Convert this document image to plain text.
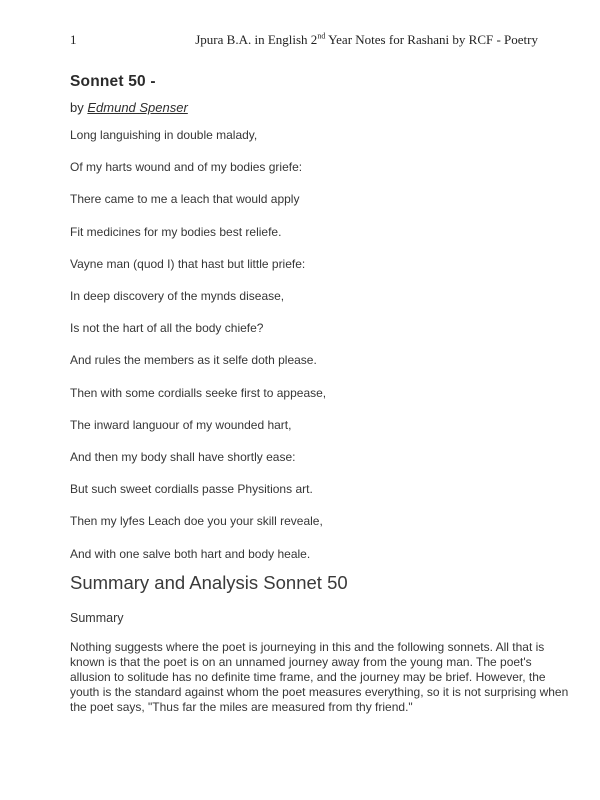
1	Jpura B.A. in English 2nd Year Notes for Rashani by RCF - Poetry
Sonnet 50 -
by Edmund Spenser
Long languishing in double malady,
Of my harts wound and of my bodies griefe:
There came to me a leach that would apply
Fit medicines for my bodies best reliefe.
Vayne man (quod I) that hast but little priefe:
In deep discovery of the mynds disease,
Is not the hart of all the body chiefe?
And rules the members as it selfe doth please.
Then with some cordialls seeke first to appease,
The inward languour of my wounded hart,
And then my body shall have shortly ease:
But such sweet cordialls passe Physitions art.
Then my lyfes Leach doe you your skill reveale,
And with one salve both hart and body heale.
Summary and Analysis Sonnet 50
Summary
Nothing suggests where the poet is journeying in this and the following sonnets. All that is
known is that the poet is on an unnamed journey away from the young man. The poet's
allusion to solitude has no definite time frame, and the journey may be brief. However, the
youth is the standard against whom the poet measures everything, so it is not surprising when
the poet says, "Thus far the miles are measured from thy friend."
